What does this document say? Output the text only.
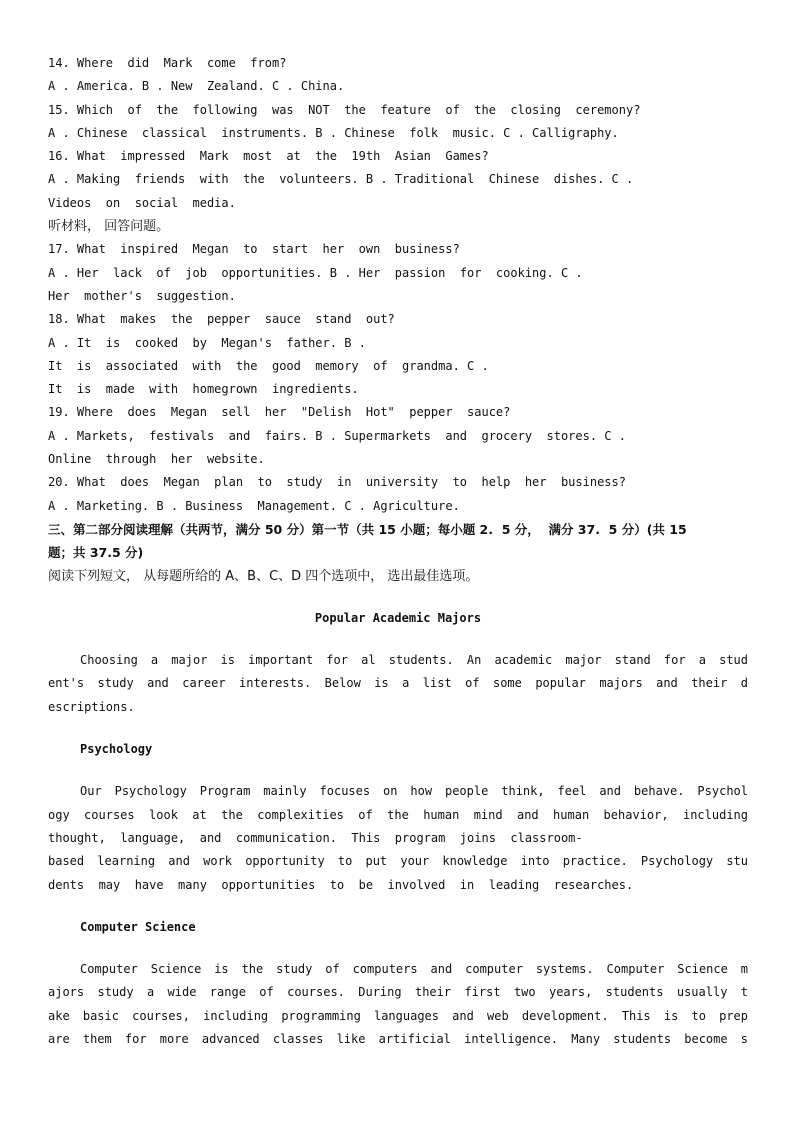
14. Where  did  Mark  come  from?
A . America. B . New  Zealand. C . China.
15. Which  of  the  following  was  NOT  the  feature  of  the  closing  ceremony?
A . Chinese  classical  instruments. B . Chinese  folk  music. C . Calligraphy.
16. What  impressed  Mark  most  at  the  19th  Asian  Games?
A . Making  friends  with  the  volunteers. B . Traditional  Chinese  dishes. C .
Videos  on  social  media.
听材料， 回答问题。
17. What  inspired  Megan  to  start  her  own  business?
A . Her  lack  of  job  opportunities. B . Her  passion  for  cooking. C .
Her  mother's  suggestion.
18. What  makes  the  pepper  sauce  stand  out?
A . It  is  cooked  by  Megan's  father. B .
It  is  associated  with  the  good  memory  of  grandma. C .
It  is  made  with  homegrown  ingredients.
19. Where  does  Megan  sell  her  "Delish  Hot"  pepper  sauce?
A . Markets,  festivals  and  fairs. B . Supermarkets  and  grocery  stores. C .
Online  through  her  website.
20. What  does  Megan  plan  to  study  in  university  to  help  her  business?
A . Marketing. B . Business  Management. C . Agriculture.
三、第二部分阅读理解（共两节，满分 50 分）第一节（共 15 小题；每小题 2.  5 分，  满分 37.  5 分）(共 15
题；共 37.5 分)
阅读下列短文， 从每题所给的 A、B、C、D 四个选项中， 选出最佳选项。
Popular Academic Majors
Choosing a major is important for al students. An academic major stand for a stud
ent's study and career interests. Below is a list of some popular majors and their d
escriptions.
Psychology
Our Psychology Program mainly focuses on how people think, feel and behave. Psychol
ogy courses look at the complexities of the human mind and human behavior, including
thought,  language,  and  communication.  This  program  joins  classroom-
based learning and work opportunity to put your knowledge into practice. Psychology stu
dents  may  have  many  opportunities  to  be  involved  in  leading  researches.
Computer Science
Computer Science is the study of computers and computer systems. Computer Science m
ajors study a wide range of courses. During their first two years, students usually t
ake basic courses, including programming languages and web development. This is to prep
are them for more advanced classes like artificial intelligence. Many students become s
